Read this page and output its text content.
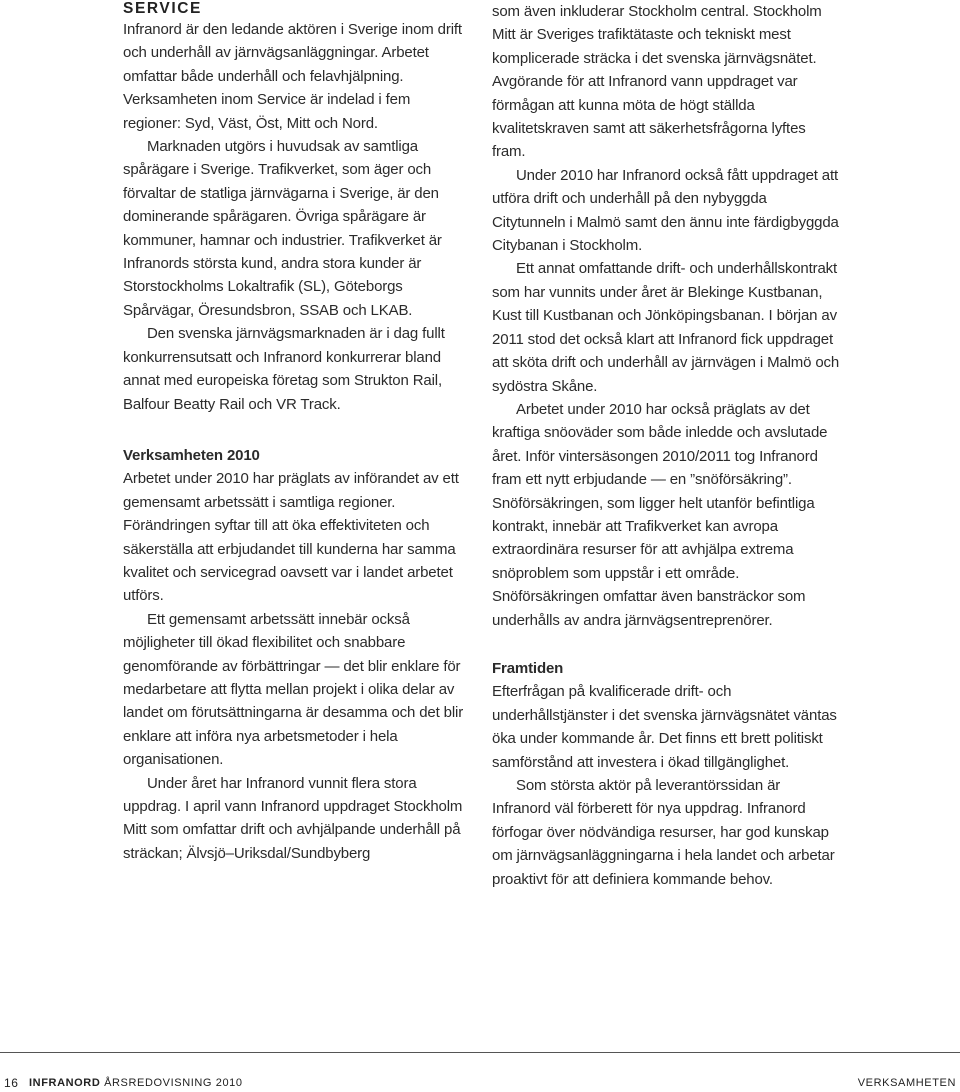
SERVICE

Infranord är den ledande aktören i Sverige inom drift och underhåll av järnvägsanläggningar. Arbetet omfattar både underhåll och felavhjälpning. Verksamheten inom Service är indelad i fem regioner: Syd, Väst, Öst, Mitt och Nord.

Marknaden utgörs i huvudsak av samtliga spårägare i Sverige. Trafikverket, som äger och förvaltar de statliga järnvägarna i Sverige, är den dominerande spårägaren. Övriga spårägare är kommuner, hamnar och industrier. Trafikverket är Infranords största kund, andra stora kunder är Storstockholms Lokaltrafik (SL), Göteborgs Spårvägar, Öresundsbron, SSAB och LKAB.

Den svenska järnvägsmarknaden är i dag fullt konkurrensutsatt och Infranord konkurrerar bland annat med europeiska företag som Strukton Rail, Balfour Beatty Rail och VR Track.

Verksamheten 2010

Arbetet under 2010 har präglats av införandet av ett gemensamt arbetssätt i samtliga regioner. Förändringen syftar till att öka effektiviteten och säkerställa att erbjudandet till kunderna har samma kvalitet och servicegrad oavsett var i landet arbetet utförs.

Ett gemensamt arbetssätt innebär också möjligheter till ökad flexibilitet och snabbare genomförande av förbättringar — det blir enklare för medarbetare att flytta mellan projekt i olika delar av landet om förutsättningarna är desamma och det blir enklare att införa nya arbetsmetoder i hela organisationen.

Under året har Infranord vunnit flera stora uppdrag. I april vann Infranord uppdraget Stockholm Mitt som omfattar drift och avhjälpande underhåll på sträckan; Älvsjö–Uriksdal/Sundbyberg

som även inkluderar Stockholm central. Stockholm Mitt är Sveriges trafiktätaste och tekniskt mest komplicerade sträcka i det svenska järnvägsnätet. Avgörande för att Infranord vann uppdraget var förmågan att kunna möta de högt ställda kvalitetskraven samt att säkerhetsfrågorna lyftes fram.

Under 2010 har Infranord också fått uppdraget att utföra drift och underhåll på den nybyggda Citytunneln i Malmö samt den ännu inte färdigbyggda Citybanan i Stockholm.

Ett annat omfattande drift- och underhållskontrakt som har vunnits under året är Blekinge Kustbanan, Kust till Kustbanan och Jönköpingsbanan. I början av 2011 stod det också klart att Infranord fick uppdraget att sköta drift och underhåll av järnvägen i Malmö och sydöstra Skåne.

Arbetet under 2010 har också präglats av det kraftiga snöoväder som både inledde och avslutade året. Inför vintersäsongen 2010/2011 tog Infranord fram ett nytt erbjudande — en ”snöförsäkring”. Snöförsäkringen, som ligger helt utanför befintliga kontrakt, innebär att Trafikverket kan avropa extraordinära resurser för att avhjälpa extrema snöproblem som uppstår i ett område. Snöförsäkringen omfattar även bansträckor som underhålls av andra järnvägsentreprenörer.

Framtiden

Efterfrågan på kvalificerade drift- och underhållstjänster i det svenska järnvägsnätet väntas öka under kommande år. Det finns ett brett politiskt samförstånd att investera i ökad tillgänglighet.

Som största aktör på leverantörssidan är Infranord väl förberett för nya uppdrag. Infranord förfogar över nödvändiga resurser, har god kunskap om järnvägsanläggningarna i hela landet och arbetar proaktivt för att definiera kommande behov.

16 INFRANORD ÅRSREDOVISNING 2010	VERKSAMHETEN
